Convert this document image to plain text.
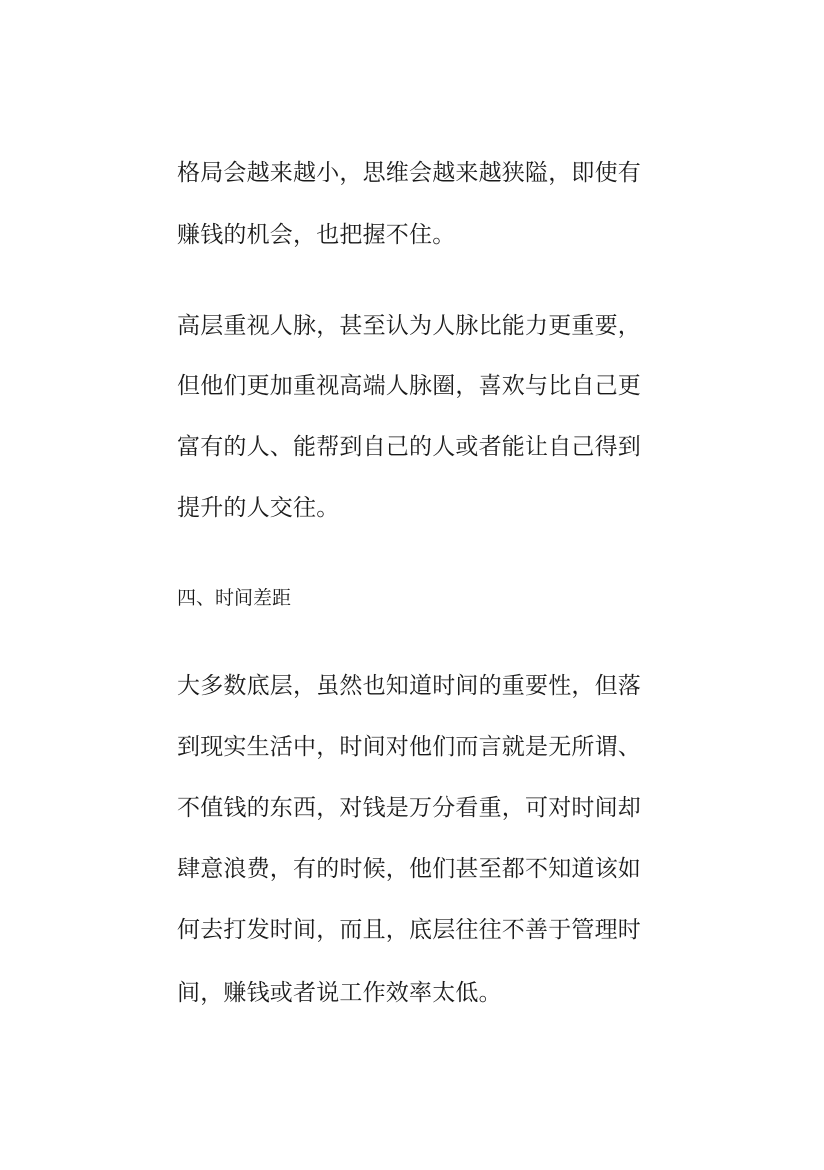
格局会越来越小，思维会越来越狭隘，即使有
赚钱的机会，也把握不住。
高层重视人脉，甚至认为人脉比能力更重要，
但他们更加重视高端人脉圈，喜欢与比自己更
富有的人、能帮到自己的人或者能让自己得到
提升的人交往。
四、时间差距
大多数底层，虽然也知道时间的重要性，但落
到现实生活中，时间对他们而言就是无所谓、
不值钱的东西，对钱是万分看重，可对时间却
肆意浪费，有的时候，他们甚至都不知道该如
何去打发时间，而且，底层往往不善于管理时
间，赚钱或者说工作效率太低。
